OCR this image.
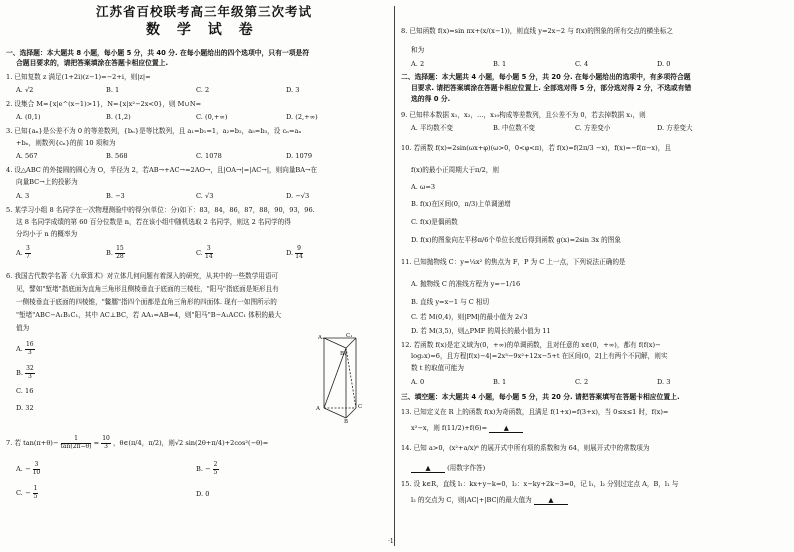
江苏省百校联考高三年级第三次考试
数 学 试 卷
一、选择题：本大题共 8 小题，每小题 5 分，共 40 分. 在每小题给出的四个选项中，只有一项是符
合题目要求的，请把答案填涂在答题卡相应位置上.
1. 已知复数 z 满足(1+2i)(z−1)=−2+i，则|z|=
A. √2	B. 1	C. 2	D. 3
2. 设集合 M={x|e^(x−1)>1}，N={x|x²−2x<0}，则 M∪N=
A. (0,1)	B. (1,2)	C. (0,+∞)	D. (2,+∞)
3. 已知{aₙ}是公差不为 0 的等差数列，{bₙ}是等比数列，且 a₁=b₁=1，a₂=b₂，a₅=b₃，设 cₙ=aₙ
+bₙ，则数列{cₙ}的前 10 项和为
A. 567	B. 568	C. 1078	D. 1079
4. 设△ABC 的外接圆的圆心为 O，半径为 2，若AB→+AC→=2AO→，且|OA→|=|AC→|，则向量BA→在
向量BC→上的投影为
A. 3	B. −3	C. √3	D. −√3
5. 某学习小组 8 名同学在一次物理测验中的得分(单位：分)如下：83，84，86，87，88，90，93，96.
这 8 名同学成绩的第 60 百分位数是 n，若在该小组中随机选取 2 名同学，则这 2 名同学的得
分均小于 n 的概率为
A. $\frac{3}{7}$	B. $\frac{15}{28}$	C. $\frac{3}{14}$	D. $\frac{9}{14}$
6. 我国古代数学名著《九章算术》对立体几何问题有着深入的研究，从其中的一些数学用语可
见，譬如"堑堵"指底面为直角三角形且侧棱垂直于底面的三棱柱，"阳马"指底面是矩形且有
一侧棱垂直于底面的四棱锥，"鳖臑"指四个面都是直角三角形的四面体. 现有一如图所示的
"堑堵"ABC−A₁B₁C₁，其中 AC⊥BC，若 AA₁=AB=4，则"阳马"B−A₁ACC₁ 体积的最大
值为
A. $\frac{16}{3}$
B. $\frac{32}{3}$
C. 16
D. 32
A₁	C₁
B₁
A	C
B
7. 若 $\tan(\pi+\theta)- \frac{1}{\tan(2\pi-\theta)} = \frac{10}{3}$ ，θ∈(π/4，π/2)，则√2 sin(2θ+π/4)+2cos²(−θ)=
A. − $\frac{3}{10}$	B. − $\frac{2}{5}$
C. − $\frac{1}{5}$	D. 0
8. 已知函数 f(x)=sin πx+(x/(x−1))，则直线 y=2x−2 与 f(x)的图象的所有交点的横坐标之
和为
A. 2	B. 1	C. 4	D. 0
二、选择题：本大题共 4 小题，每小题 5 分，共 20 分. 在每小题给出的选项中，有多项符合题
目要求. 请把答案填涂在答题卡相应位置上. 全部选对得 5 分，部分选对得 2 分，不选或有错
选的得 0 分.
9. 已知样本数据 x₁，x₂，…，x₁₀构成等差数列，且公差不为 0，若去掉数据 x₁，则
A. 平均数不变	B. 中位数不变	C. 方差变小	D. 方差变大
10. 若函数 f(x)=2sin(ωx+φ)(ω>0，0<φ<π)，若 f(x)=f(2π/3 −x)，f(x)=−f(π−x)，且
f(x)的最小正周期大于π/2，则
A. ω=3
B. f(x)在区间(0，π/3)上单调递增
C. f(x)是偶函数
D. f(x)的图象向左平移π/6个单位长度后得到函数 g(x)=2sin 3x 的图象
11. 已知抛物线 C：y=¼x² 的焦点为 F，P 为 C 上一点，下列说法正确的是
A. 抛物线 C 的准线方程为 y=−1/16
B. 直线 y=x−1 与 C 相切
C. 若 M(0,4)，则|PM|的最小值为 2√3
D. 若 M(3,5)，则△PMF 的周长的最小值为 11
12. 若函数 f(x)是定义域为(0，+∞)的单调函数，且对任意的 x∈(0，+∞)，都有 f(f(x)−
log₂x)=6，且方程|f(x)−4|=2x³−9x²+12x−5+t 在区间(0，2]上有两个不同解，则实
数 t 的取值可能为
A. 0	B. 1	C. 2	D. 3
三、填空题：本大题共 4 小题，每小题 5 分，共 20 分. 请把答案填写在答题卡相应位置上.
13. 已知定义在 R 上的函数 f(x)为奇函数，且满足 f(1+x)=f(3+x)，当 0≤x≤1 时，f(x)=
x²−x，则 f(11/2)+f(6)=	▲
14. 已知 a>0，(x²+a/x)⁸ 的展开式中所有项的系数和为 64，则展开式中的常数项为
▲	(用数字作答)
15. 设 k∈R，直线 l₁：kx+y−k=0，l₂：x−ky+2k−3=0，记 l₁，l₂ 分别过定点 A，B，l₁ 与
l₂ 的交点为 C，则|AC|+|BC|的最大值为	▲
·1·
